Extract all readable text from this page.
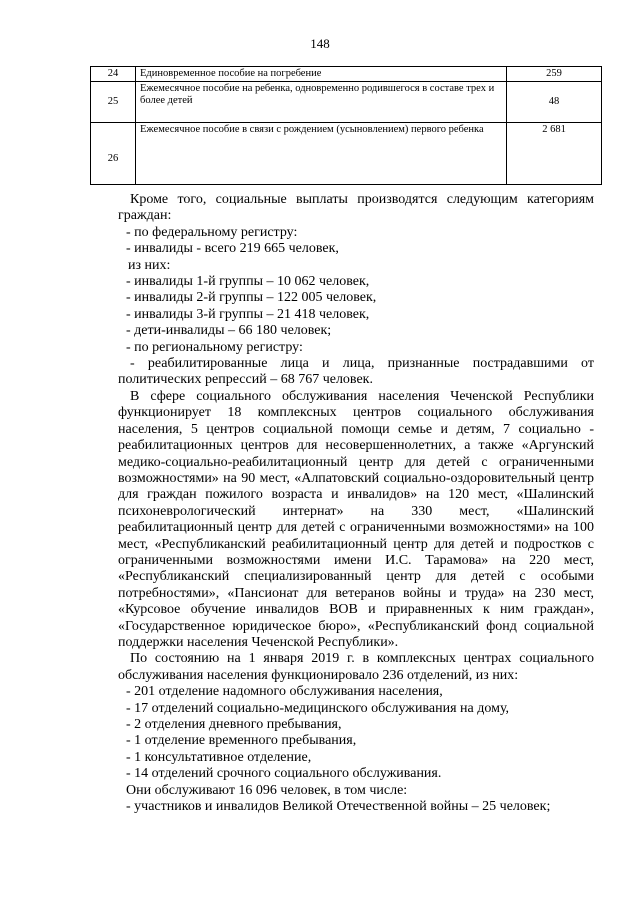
148
24	Единовременное пособие на погребение	259
25	Ежемесячное пособие на ребенка, одновременно родившегося в составе трех и более детей	48
26	Ежемесячное пособие в связи с рождением (усыновлением) первого ребенка	2 681

Кроме того, социальные выплаты производятся следующим категориям граждан:

- по федеральному регистру:

- инвалиды - всего 219 665 человек,

из них:

- инвалиды 1-й группы – 10 062 человек,

- инвалиды 2-й группы – 122 005 человек,

- инвалиды 3-й группы – 21 418 человек,

- дети-инвалиды – 66 180 человек;

- по региональному регистру:

- реабилитированные лица и лица, признанные пострадавшими от политических репрессий – 68 767 человек.

В сфере социального обслуживания населения Чеченской Республики функционирует 18 комплексных центров социального обслуживания населения, 5 центров социальной помощи семье и детям, 7 социально - реабилитационных центров для несовершеннолетних, а также «Аргунский медико-социально-реабилитационный центр для детей с ограниченными возможностями» на 90 мест, «Алпатовский социально-оздоровительный центр для граждан пожилого возраста и инвалидов» на 120 мест, «Шалинский психоневрологический интернат» на 330 мест, «Шалинский реабилитационный центр для детей с ограниченными возможностями» на 100 мест, «Республиканский реабилитационный центр для детей и подростков с ограниченными возможностями имени И.С. Тарамова» на 220 мест, «Республиканский специализированный центр для детей с особыми потребностями», «Пансионат для ветеранов войны и труда» на 230 мест, «Курсовое обучение инвалидов ВОВ и приравненных к ним граждан», «Государственное юридическое бюро», «Республиканский фонд социальной поддержки населения Чеченской Республики».

По состоянию на 1 января 2019 г. в комплексных центрах социального обслуживания населения функционировало 236 отделений, из них:

- 201 отделение надомного обслуживания населения,

- 17 отделений социально-медицинского обслуживания на дому,

- 2 отделения дневного пребывания,

- 1 отделение временного пребывания,

- 1 консультативное отделение,

- 14 отделений срочного социального обслуживания.

Они обслуживают 16 096 человек, в том числе:

- участников и инвалидов Великой Отечественной войны – 25 человек;
